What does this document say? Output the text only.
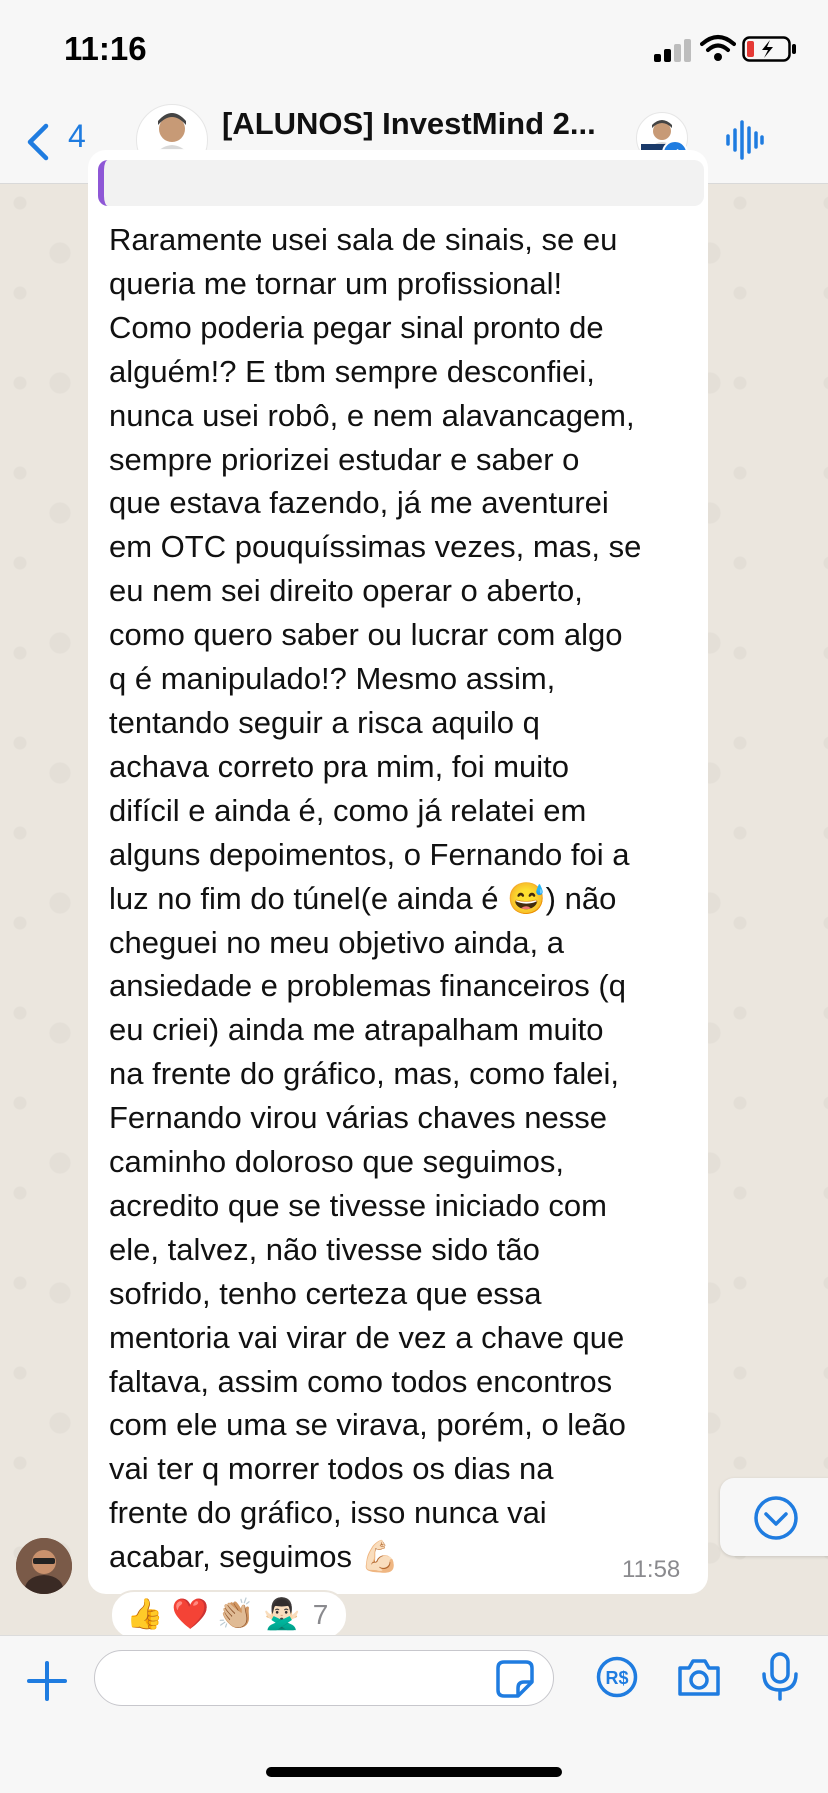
11:16
4	[ALUNOS] InvestMind 2...
Raramente usei sala de sinais, se eu
queria me tornar um profissional!
Como poderia pegar sinal pronto de
alguém!? E tbm sempre desconfiei,
nunca usei robô, e nem alavancagem,
sempre priorizei estudar e saber o
que estava fazendo, já me aventurei
em OTC pouquíssimas vezes, mas, se
eu nem sei direito operar o aberto,
como quero saber ou lucrar com algo
q é manipulado!? Mesmo assim,
tentando seguir a risca aquilo q
achava correto pra mim, foi muito
difícil e ainda é, como já relatei em
alguns depoimentos, o Fernando foi a
luz no fim do túnel(e ainda é 😅) não
cheguei no meu objetivo ainda, a
ansiedade e problemas financeiros (q
eu criei) ainda me atrapalham muito
na frente do gráfico, mas, como falei,
Fernando virou várias chaves nesse
caminho doloroso que seguimos,
acredito que se tivesse iniciado com
ele, talvez, não tivesse sido tão
sofrido, tenho certeza que essa
mentoria vai virar de vez a chave que
faltava, assim como todos encontros
com ele uma se virava, porém, o leão
vai ter q morrer todos os dias na
frente do gráfico, isso nunca vai
acabar, seguimos 💪🏻	11:58
👍 ❤️ 👏🏼 🙅🏻‍♂️ 7
R$
